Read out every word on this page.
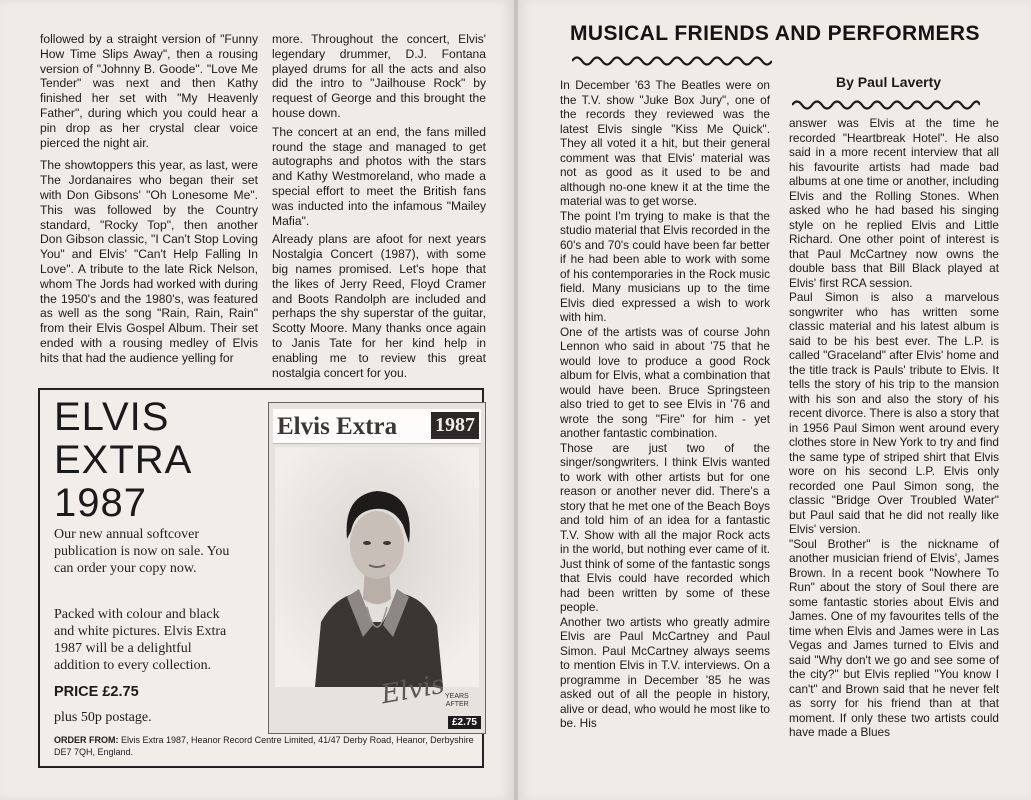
followed by a straight version of "Funny How Time Slips Away", then a rousing version of "Johnny B. Goode". "Love Me Tender" was next and then Kathy finished her set with "My Heavenly Father", during which you could hear a pin drop as her crystal clear voice pierced the night air.

The showtoppers this year, as last, were The Jordanaires who began their set with Don Gibsons' "Oh Lonesome Me". This was followed by the Country standard, "Rocky Top", then another Don Gibson classic, "I Can't Stop Loving You" and Elvis' "Can't Help Falling In Love". A tribute to the late Rick Nelson, whom The Jords had worked with during the 1950's and the 1980's, was featured as well as the song "Rain, Rain, Rain" from their Elvis Gospel Album. Their set ended with a rousing medley of Elvis hits that had the audience yelling for

more. Throughout the concert, Elvis' legendary drummer, D.J. Fontana played drums for all the acts and also did the intro to "Jailhouse Rock" by request of George and this brought the house down.

The concert at an end, the fans milled round the stage and managed to get autographs and photos with the stars and Kathy Westmoreland, who made a special effort to meet the British fans was inducted into the infamous "Mailey Mafia".

Already plans are afoot for next years Nostalgia Concert (1987), with some big names promised. Let's hope that the likes of Jerry Reed, Floyd Cramer and Boots Randolph are included and perhaps the shy superstar of the guitar, Scotty Moore. Many thanks once again to Janis Tate for her kind help in enabling me to review this great nostalgia concert for you.

ELVIS
EXTRA
1987
Our new annual softcover publication is now on sale. You can order your copy now.
Packed with colour and black and white pictures. Elvis Extra 1987 will be a delightful addition to every collection.
PRICE £2.75
plus 50p postage.
ORDER FROM: Elvis Extra 1987, Heanor Record Centre Limited, 41/47 Derby Road, Heanor, Derbyshire DE7 7QH, England.
Elvis Extra 1987
Elvis
YEARS
AFTER
£2.75
MUSICAL FRIENDS AND PERFORMERS
By Paul Laverty

In December '63 The Beatles were on the T.V. show "Juke Box Jury", one of the records they reviewed was the latest Elvis single "Kiss Me Quick". They all voted it a hit, but their general comment was that Elvis' material was not as good as it used to be and although no-one knew it at the time the material was to get worse.

The point I'm trying to make is that the studio material that Elvis recorded in the 60's and 70's could have been far better if he had been able to work with some of his contemporaries in the Rock music field. Many musicians up to the time Elvis died expressed a wish to work with him.

One of the artists was of course John Lennon who said in about '75 that he would love to produce a good Rock album for Elvis, what a combination that would have been. Bruce Springsteen also tried to get to see Elvis in '76 and wrote the song "Fire" for him - yet another fantastic combination.

Those are just two of the singer/songwriters. I think Elvis wanted to work with other artists but for one reason or another never did. There's a story that he met one of the Beach Boys and told him of an idea for a fantastic T.V. Show with all the major Rock acts in the world, but nothing ever came of it. Just think of some of the fantastic songs that Elvis could have recorded which had been written by some of these people.

Another two artists who greatly admire Elvis are Paul McCartney and Paul Simon. Paul McCartney always seems to mention Elvis in T.V. interviews. On a programme in December '85 he was asked out of all the people in history, alive or dead, who would he most like to be. His

answer was Elvis at the time he recorded "Heartbreak Hotel". He also said in a more recent interview that all his favourite artists had made bad albums at one time or another, including Elvis and the Rolling Stones. When asked who he had based his singing style on he replied Elvis and Little Richard. One other point of interest is that Paul McCartney now owns the double bass that Bill Black played at Elvis' first RCA session.

Paul Simon is also a marvelous songwriter who has written some classic material and his latest album is said to be his best ever. The L.P. is called "Graceland" after Elvis' home and the title track is Pauls' tribute to Elvis. It tells the story of his trip to the mansion with his son and also the story of his recent divorce. There is also a story that in 1956 Paul Simon went around every clothes store in New York to try and find the same type of striped shirt that Elvis wore on his second L.P. Elvis only recorded one Paul Simon song, the classic "Bridge Over Troubled Water" but Paul said that he did not really like Elvis' version.

"Soul Brother" is the nickname of another musician friend of Elvis', James Brown. In a recent book "Nowhere To Run" about the story of Soul there are some fantastic stories about Elvis and James. One of my favourites tells of the time when Elvis and James were in Las Vegas and James turned to Elvis and said "Why don't we go and see some of the city?" but Elvis replied "You know I can't" and Brown said that he never felt as sorry for his friend than at that moment. If only these two artists could have made a Blues
